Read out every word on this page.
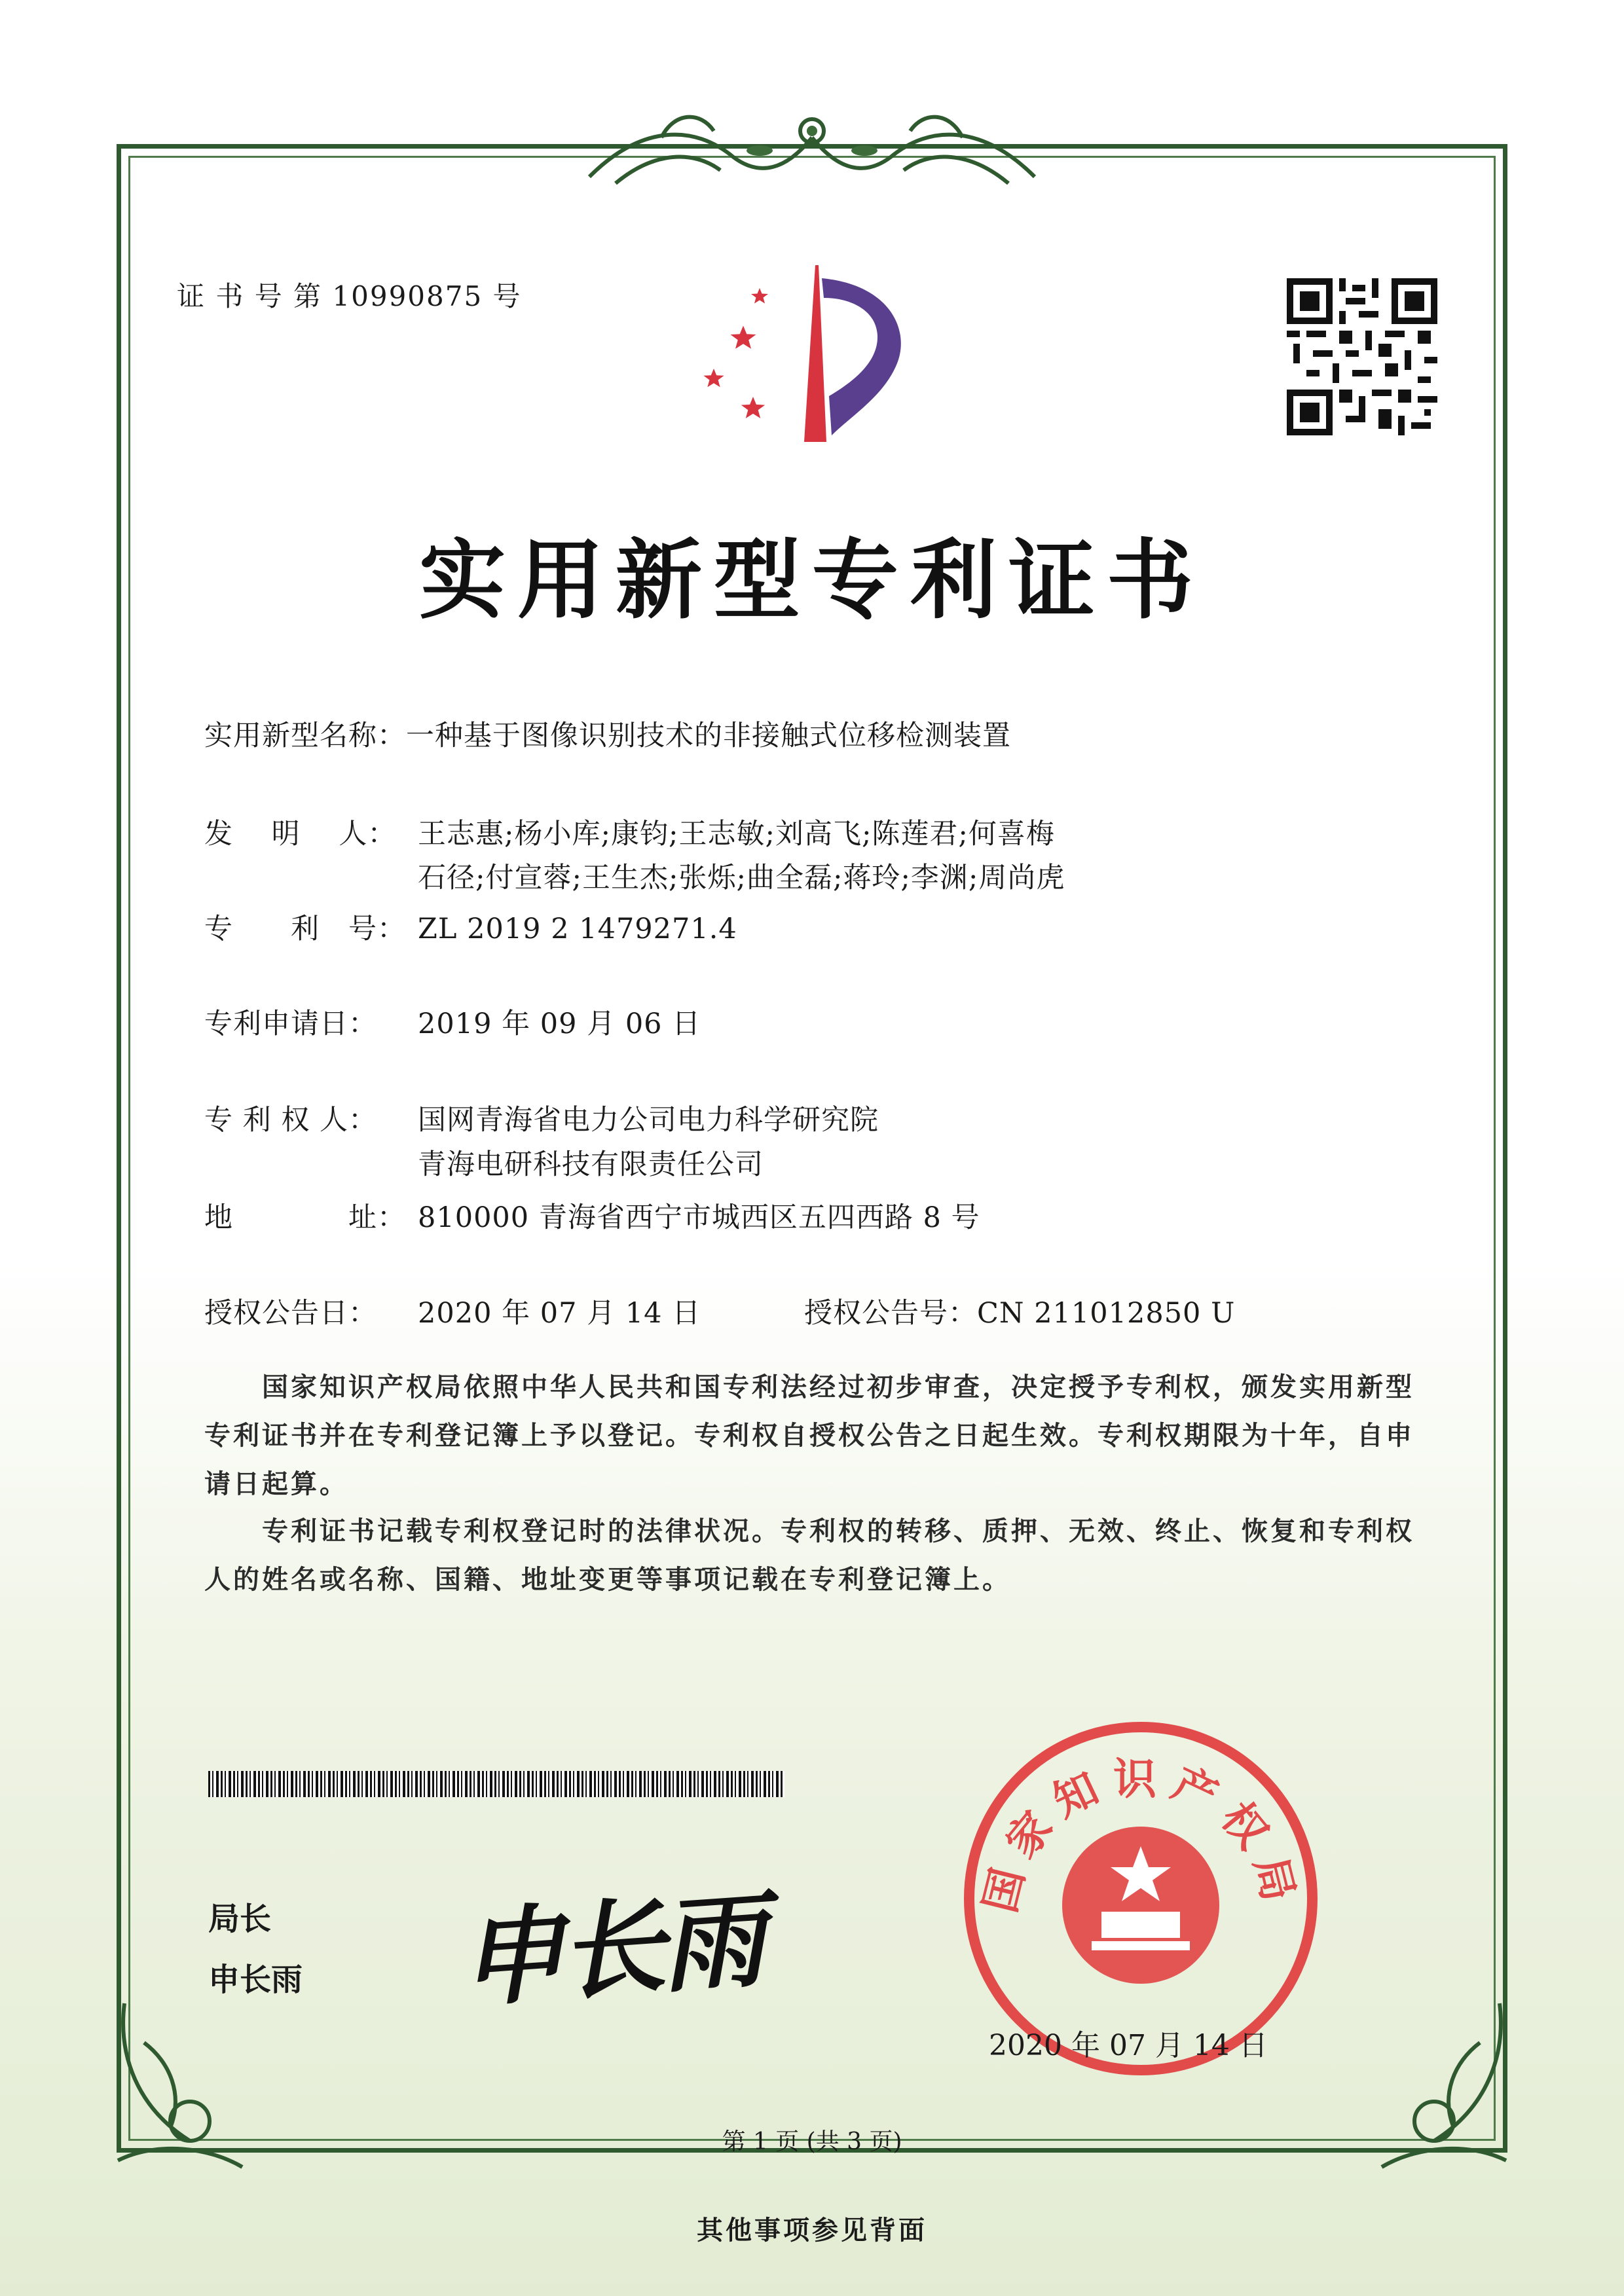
证 书 号 第 10990875 号
实用新型专利证书
实用新型名称：一种基于图像识别技术的非接触式位移检测装置
发　 明 　人： 王志惠;杨小库;康钧;王志敏;刘高飞;陈莲君;何喜梅
石径;付宣蓉;王生杰;张烁;曲全磊;蒋玲;李渊;周尚虎
专　　利　号： ZL 2019 2 1479271.4
专利申请日： 2019 年 09 月 06 日
专 利 权 人： 国网青海省电力公司电力科学研究院
青海电研科技有限责任公司
地　　　　址： 810000 青海省西宁市城西区五四西路 8 号
授权公告日： 2020 年 07 月 14 日	授权公告号：CN 211012850 U
国家知识产权局依照中华人民共和国专利法经过初步审查，决定授予专利权，颁发实用新型专利证书并在专利登记簿上予以登记。专利权自授权公告之日起生效。专利权期限为十年，自申请日起算。
专利证书记载专利权登记时的法律状况。专利权的转移、质押、无效、终止、恢复和专利权人的姓名或名称、国籍、地址变更等事项记载在专利登记簿上。
局长
申长雨 申长雨	国家知识产权局
2020 年 07 月 14 日
第 1 页 (共 3 页)
其他事项参见背面
